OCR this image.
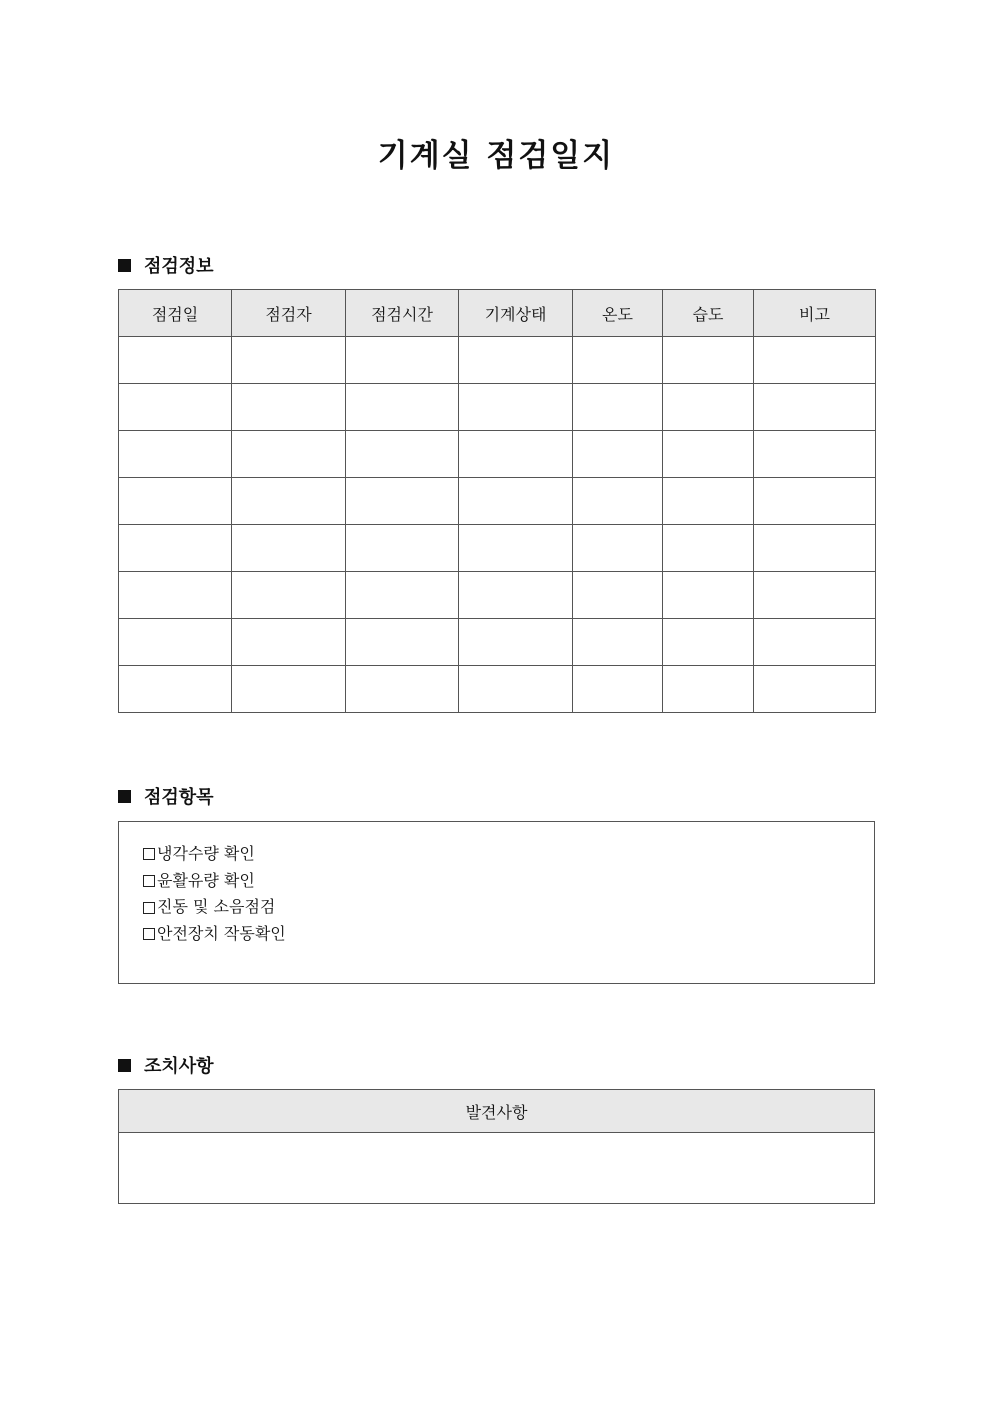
기계실 점검일지
점검정보
점검일	점검자	점검시간	기계상태	온도	습도	비고

점검항목
냉각수량 확인
윤활유량 확인
진동 및 소음점검
안전장치 작동확인
조치사항
발견사항
